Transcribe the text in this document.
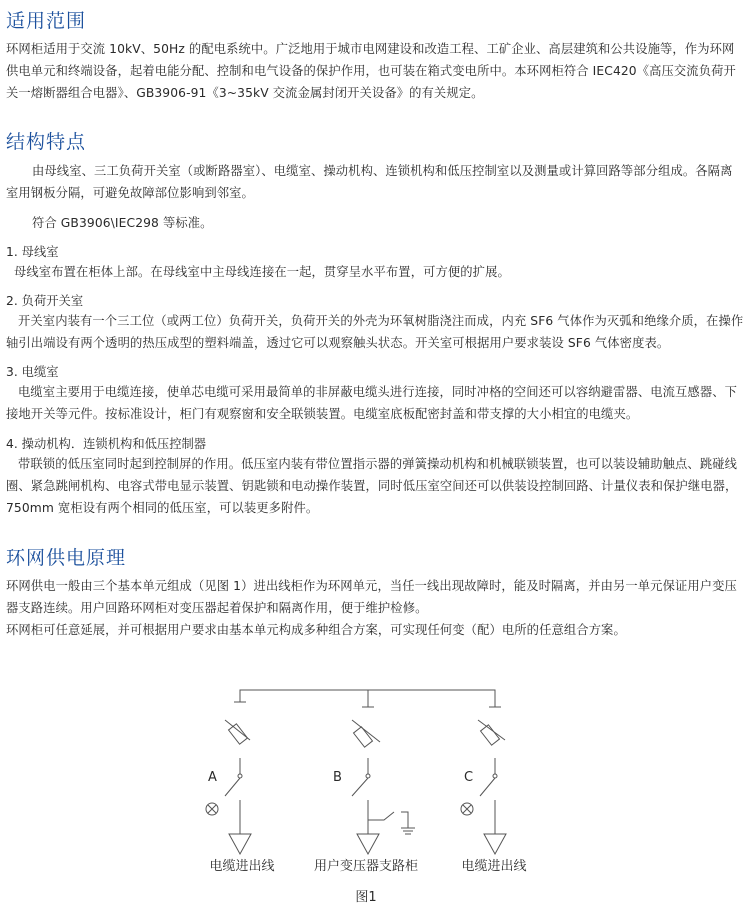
适用范围

环网柜适用于交流 10kV、50Hz 的配电系统中。广泛地用于城市电网建设和改造工程、工矿企业、高层建筑和公共设施等，作为环网供电单元和终端设备，起着电能分配、控制和电气设备的保护作用，也可装在箱式变电所中。本环网柜符合 IEC420《高压交流负荷开关一熔断器组合电器》、GB3906-91《3~35kV 交流金属封闭开关设备》的有关规定。

结构特点

由母线室、三工负荷开关室（或断路器室）、电缆室、操动机构、连锁机构和低压控制室以及测量或计算回路等部分组成。各隔离室用钢板分隔，可避免故障部位影响到邻室。

符合 GB3906\IEC298 等标准。

1. 母线室

母线室布置在柜体上部。在母线室中主母线连接在一起，贯穿呈水平布置，可方便的扩展。

2. 负荷开关室

开关室内装有一个三工位（或两工位）负荷开关，负荷开关的外壳为环氧树脂浇注而成，内充 SF6 气体作为灭弧和绝缘介质，在操作轴引出端设有两个透明的热压成型的塑料端盖，透过它可以观察触头状态。开关室可根据用户要求装设 SF6 气体密度表。

3. 电缆室

电缆室主要用于电缆连接，使单芯电缆可采用最简单的非屏蔽电缆头进行连接，同时冲格的空间还可以容纳避雷器、电流互感器、下接地开关等元件。按标准设计，柜门有观察窗和安全联锁装置。电缆室底板配密封盖和带支撑的大小相宜的电缆夹。

4. 操动机构．连锁机构和低压控制器

带联锁的低压室同时起到控制屏的作用。低压室内装有带位置指示器的弹簧操动机构和机械联锁装置，也可以装设辅助触点、跳碰线圈、紧急跳闸机构、电容式带电显示装置、钥匙锁和电动操作装置，同时低压室空间还可以供装设控制回路、计量仪表和保护继电器，750mm 宽柜设有两个相同的低压室，可以装更多附件。

环网供电原理

环网供电一般由三个基本单元组成（见图 1）进出线柜作为环网单元，当任一线出现故障时，能及时隔离，并由另一单元保证用户变压器支路连续。用户回路环网柜对变压器起着保护和隔离作用，便于维护检修。

环网柜可任意延展，并可根据用户要求由基本单元构成多种组合方案，可实现任何变（配）电所的任意组合方案。

A	B	C
电缆进出线	用户变压器支路柜	电缆进出线
图1
